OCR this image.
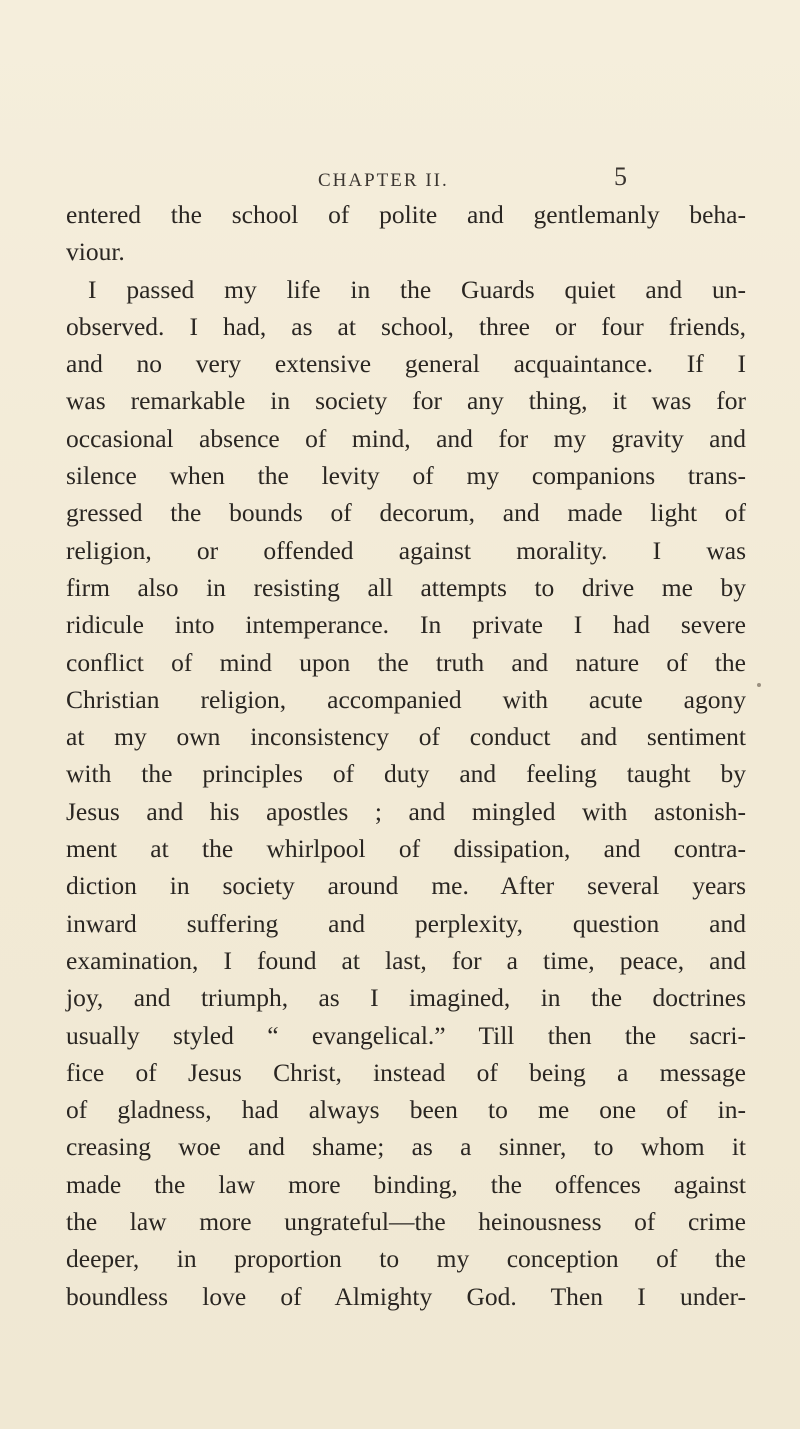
CHAPTER II.	5
entered the school of polite and gentlemanly beha-
viour.
I passed my life in the Guards quiet and un-
observed. I had, as at school, three or four friends,
and no very extensive general acquaintance. If I
was remarkable in society for any thing, it was for
occasional absence of mind, and for my gravity and
silence when the levity of my companions trans-
gressed the bounds of decorum, and made light of
religion, or offended against morality. I was
firm also in resisting all attempts to drive me by
ridicule into intemperance. In private I had severe
conflict of mind upon the truth and nature of the
Christian religion, accompanied with acute agony
at my own inconsistency of conduct and sentiment
with the principles of duty and feeling taught by
Jesus and his apostles ; and mingled with astonish-
ment at the whirlpool of dissipation, and contra-
diction in society around me. After several years
inward suffering and perplexity, question and
examination, I found at last, for a time, peace, and
joy, and triumph, as I imagined, in the doctrines
usually styled “ evangelical.” Till then the sacri-
fice of Jesus Christ, instead of being a message
of gladness, had always been to me one of in-
creasing woe and shame; as a sinner, to whom it
made the law more binding, the offences against
the law more ungrateful—the heinousness of crime
deeper, in proportion to my conception of the
boundless love of Almighty God. Then I under-
